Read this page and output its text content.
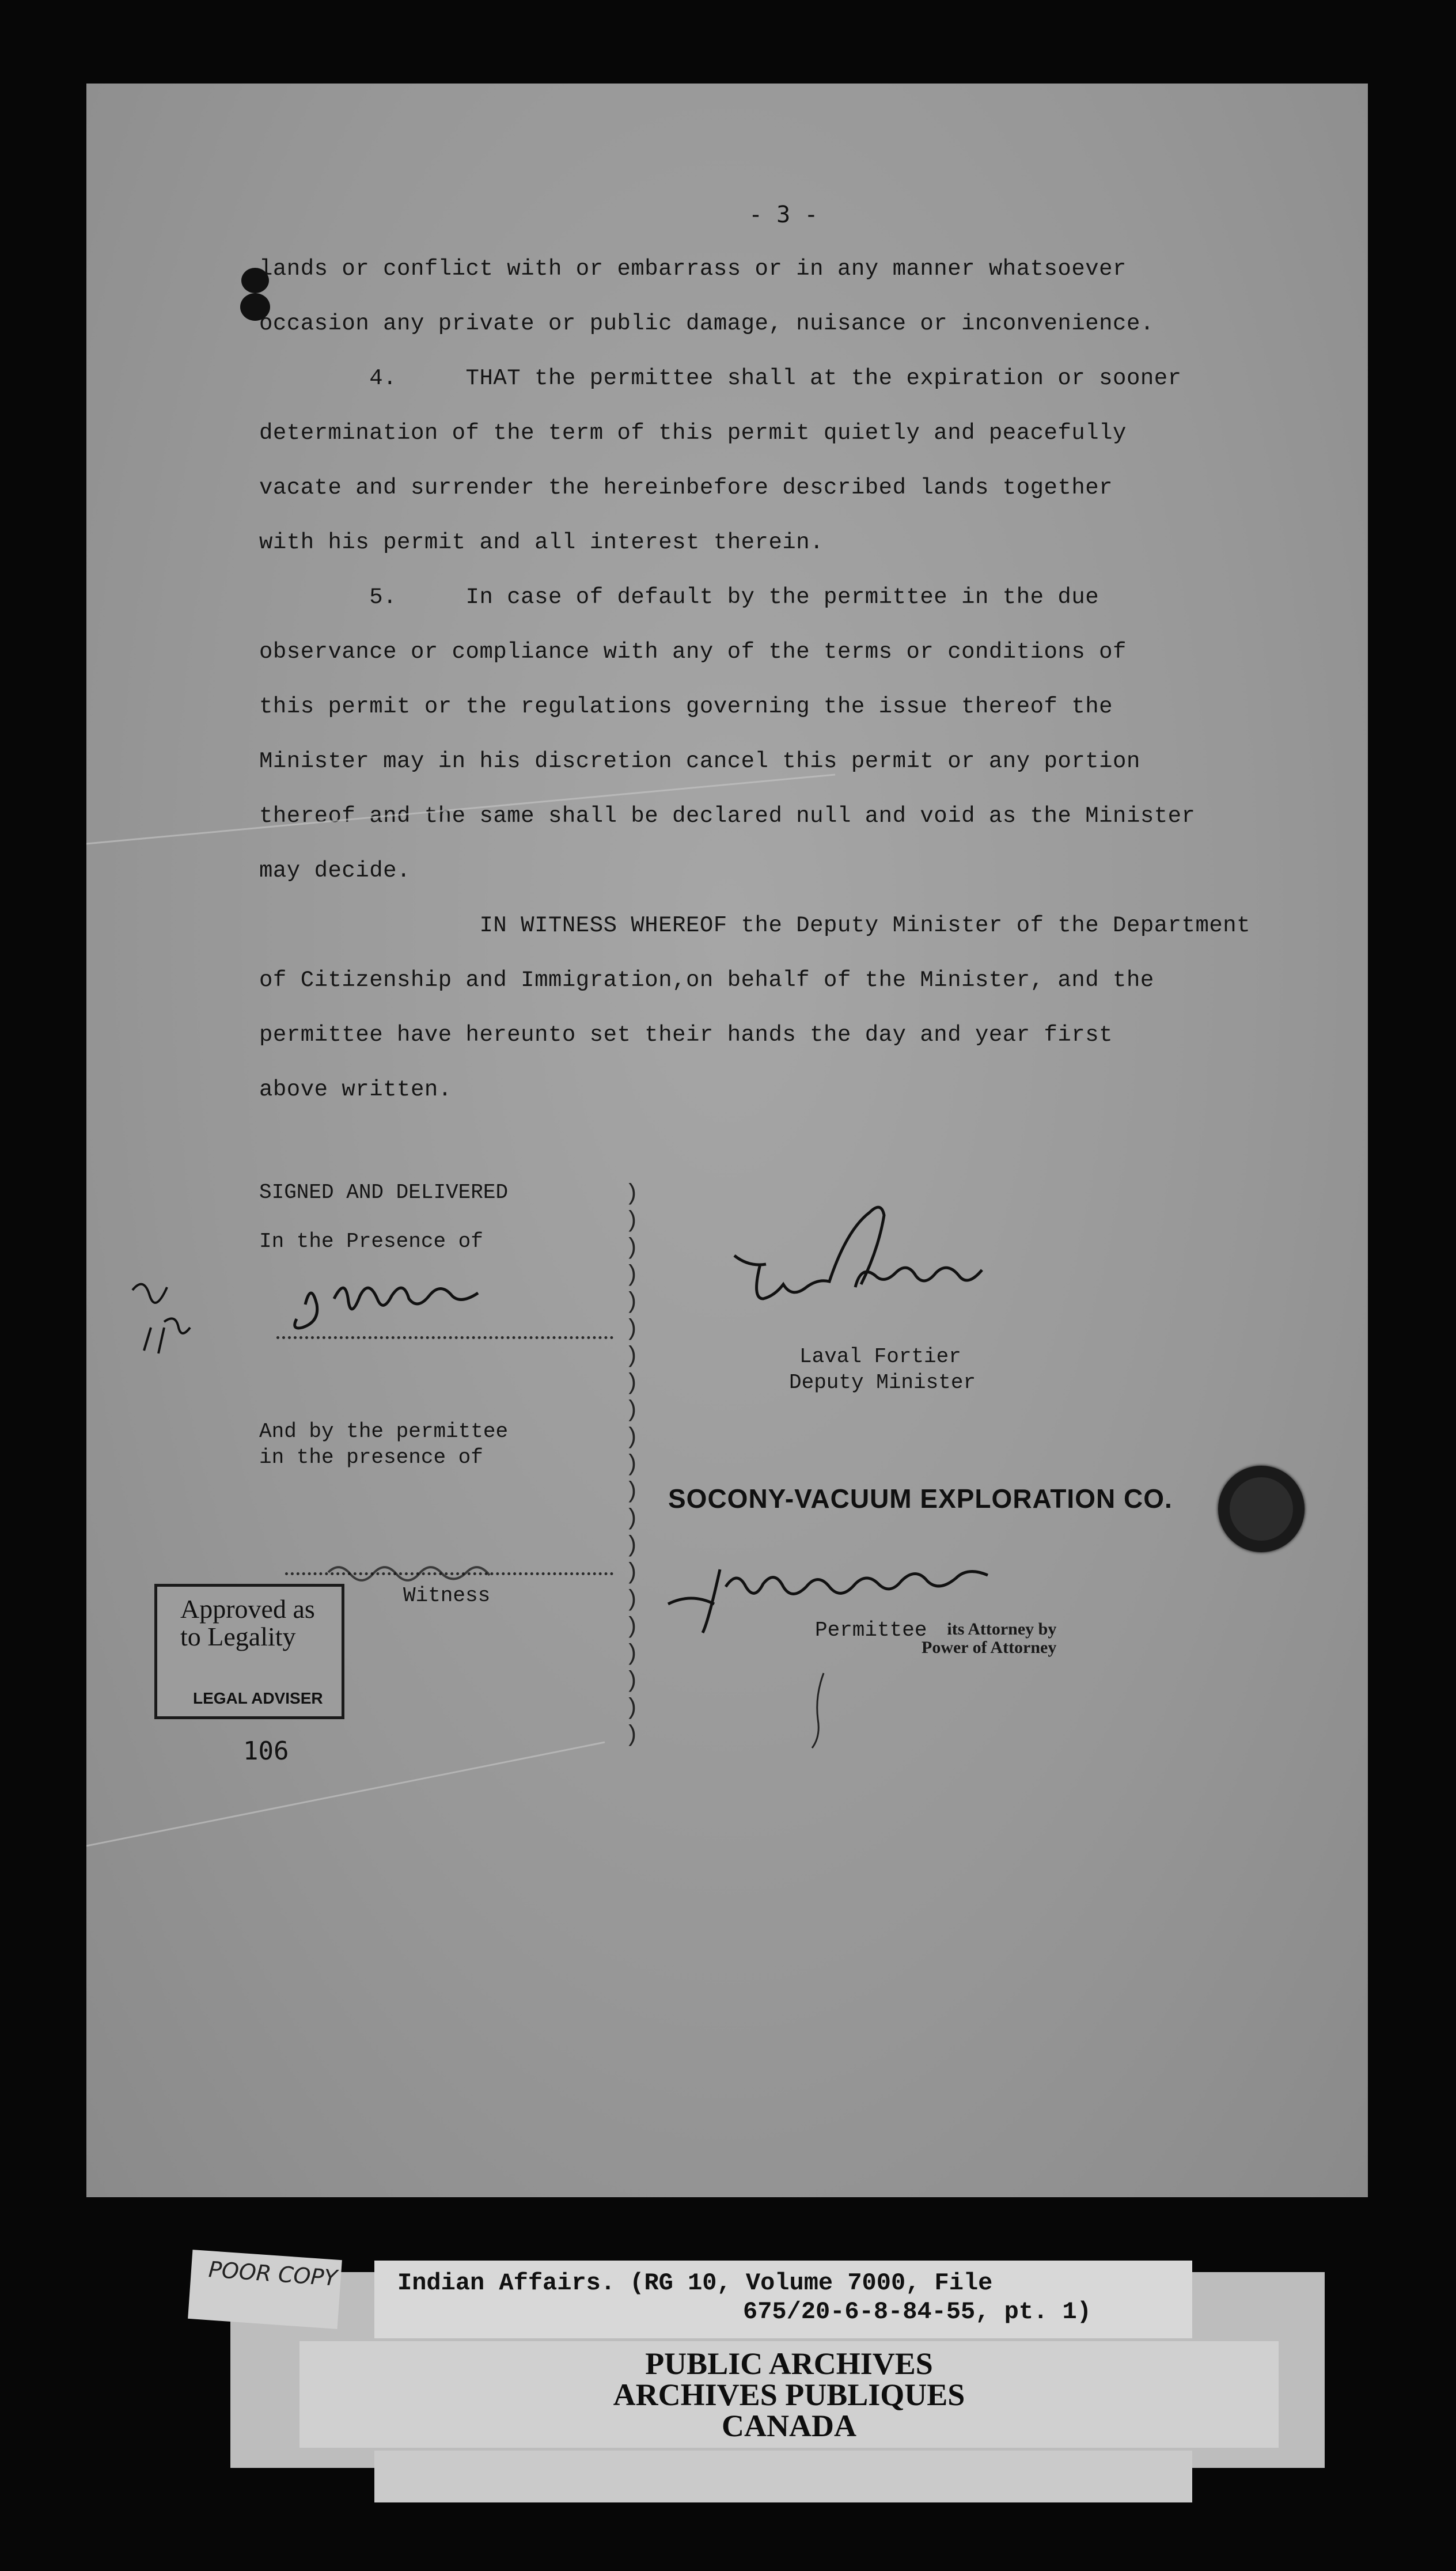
- 3 -
lands or conflict with or embarrass or in any manner whatsoever
occasion any private or public damage, nuisance or inconvenience.
4.     THAT the permittee shall at the expiration or sooner
determination of the term of this permit quietly and peacefully
vacate and surrender the hereinbefore described lands together
with his permit and all interest therein.
5.     In case of default by the permittee in the due
observance or compliance with any of the terms or conditions of
this permit or the regulations governing the issue thereof the
Minister may in his discretion cancel this permit or any portion
thereof and the same shall be declared null and void as the Minister
may decide.
IN WITNESS WHEREOF the Deputy Minister of the Department
of Citizenship and Immigration,on behalf of the Minister, and the
permittee have hereunto set their hands the day and year first
above written.
SIGNED AND DELIVERED
In the Presence of
And by the permittee
in the presence of
Witness
Laval Fortier
Deputy Minister
SOCONY-VACUUM EXPLORATION CO.
Permittee	its Attorney by
Power of Attorney
Approved as
to Legality
LEGAL ADVISER
106
)
)
)
)
)
)
)
)
)
)
)
)
)
)
)
)
)
)
)
)
)
Indian Affairs. (RG 10, Volume 7000, File
675/20-6-8-84-55, pt. 1)
POOR COPY
PUBLIC ARCHIVES
ARCHIVES PUBLIQUES
CANADA
